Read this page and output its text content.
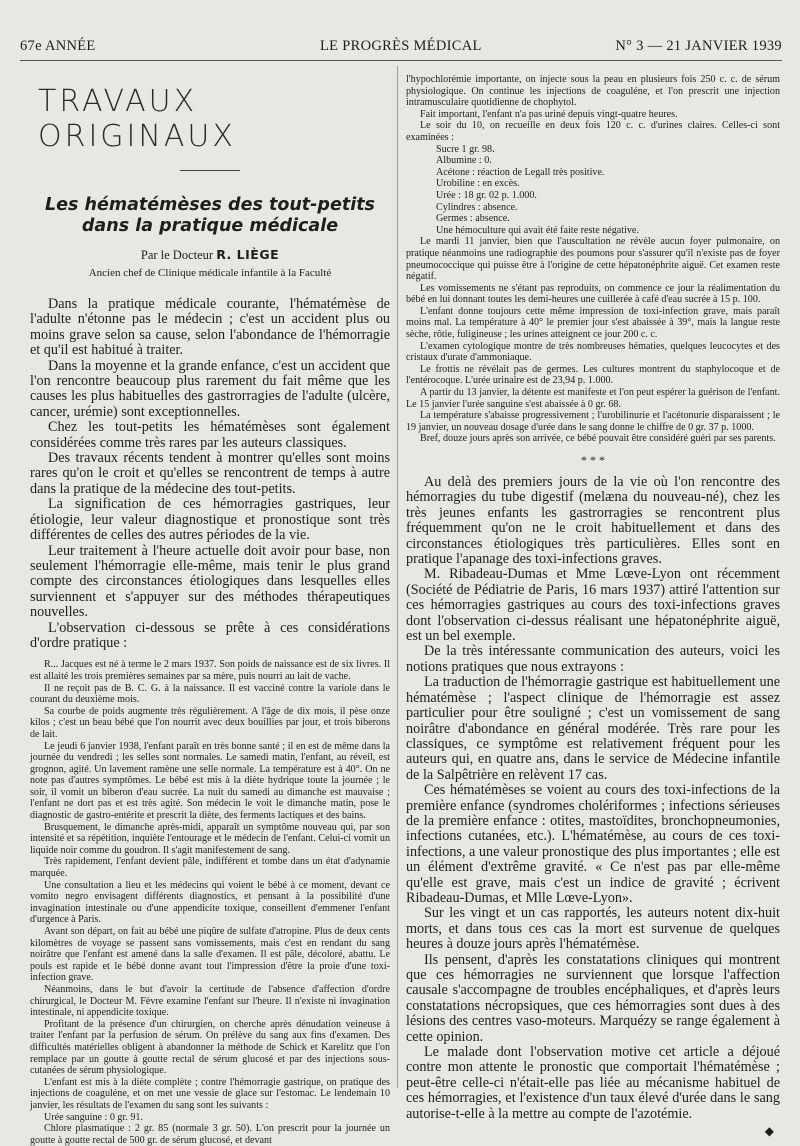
67e ANNÉE	LE PROGRÈS MÉDICAL	N° 3 — 21 JANVIER 1939
TRAVAUX ORIGINAUX
Les hématémèses des tout-petits
dans la pratique médicale
Par le Docteur R. LIÈGE
Ancien chef de Clinique médicale infantile à la Faculté

Dans la pratique médicale courante, l'hématémèse de l'adulte n'étonne pas le médecin ; c'est un accident plus ou moins grave selon sa cause, selon l'abondance de l'hémorragie et qu'il est habitué à traiter.

Dans la moyenne et la grande enfance, c'est un accident que l'on rencontre beaucoup plus rarement du fait même que les causes les plus habituelles des gastrorragies de l'adulte (ulcère, cancer, urémie) sont exceptionnelles.

Chez les tout-petits les hématémèses sont également considérées comme très rares par les auteurs classiques.

Des travaux récents tendent à montrer qu'elles sont moins rares qu'on le croit et qu'elles se rencontrent de temps à autre dans la pratique de la médecine des tout-petits.

La signification de ces hémorragies gastriques, leur étiologie, leur valeur diagnostique et pronostique sont très différentes de celles des autres périodes de la vie.

Leur traitement à l'heure actuelle doit avoir pour base, non seulement l'hémorragie elle-même, mais tenir le plus grand compte des circonstances étiologiques dans lesquelles elles surviennent et s'appuyer sur des méthodes thérapeutiques nouvelles.

L'observation ci-dessous se prête à ces considérations d'ordre pratique :

R... Jacques est né à terme le 2 mars 1937. Son poids de naissance est de six livres. Il est allaité les trois premières semaines par sa mère, puis nourri au lait de vache.

Il ne reçoit pas de B. C. G. à la naissance. Il est vacciné contre la variole dans le courant du deuxième mois.

Sa courbe de poids augmente très régulièrement. A l'âge de dix mois, il pèse onze kilos ; c'est un beau bébé que l'on nourrit avec deux bouillies par jour, et trois biberons de lait.

Le jeudi 6 janvier 1938, l'enfant paraît en très bonne santé ; il en est de même dans la journée du vendredi ; les selles sont normales. Le samedi matin, l'enfant, au réveil, est grognon, agité. Un lavement ramène une selle normale. La température est à 40°. On ne note pas d'autres symptômes. Le bébé est mis à la diète hydrique toute la journée ; le soir, il vomit un biberon d'eau sucrée. La nuit du samedi au dimanche est mauvaise ; l'enfant ne dort pas et est très agité. Son médecin le voit le dimanche matin, pose le diagnostic de gastro-entérite et prescrit la diète, des ferments lactiques et des bains.

Brusquement, le dimanche après-midi, apparaît un symptôme nouveau qui, par son intensité et sa répétition, inquiète l'entourage et le médecin de l'enfant. Celui-ci vomit un liquide noir comme du goudron. Il s'agit manifestement de sang.

Très rapidement, l'enfant devient pâle, indifférent et tombe dans un état d'adynamie marquée.

Une consultation a lieu et les médecins qui voient le bébé à ce moment, devant ce vomito negro envisagent différents diagnostics, et pensant à la possibilité d'une invagination intestinale ou d'une appendicite toxique, conseillent d'emmener l'enfant d'urgence à Paris.

Avant son départ, on fait au bébé une piqûre de sulfate d'atropine. Plus de deux cents kilomètres de voyage se passent sans vomissements, mais c'est en rendant du sang noirâtre que l'enfant est amené dans la salle d'examen. Il est pâle, décoloré, abattu. Le pouls est rapide et le bébé donne avant tout l'impression d'être la proie d'une toxi-infection grave.

Néanmoins, dans le but d'avoir la certitude de l'absence d'affection d'ordre chirurgical, le Docteur M. Fèvre examine l'enfant sur l'heure. Il n'existe ni invagination intestinale, ni appendicite toxique.

Profitant de la présence d'un chirurgien, on cherche après dénudation veineuse à traiter l'enfant par la perfusion de sérum. On prélève du sang aux fins d'examen. Des difficultés matérielles obligent à abandonner la méthode de Schick et Karelitz que l'on remplace par un goutte à goutte rectal de sérum glucosé et par des injections sous-cutanées de sérum physiologique.

L'enfant est mis à la diète complète ; contre l'hémorragie gastrique, on pratique des injections de coaguléne, et on met une vessie de glace sur l'estomac. Le lendemain 10 janvier, les résultats de l'examen du sang sont les suivants :

Urée sanguine : 0 gr. 91.

Chlore plasmatique : 2 gr. 85 (normale 3 gr. 50). L'on prescrit pour la journée un goutte à goutte rectal de 500 gr. de sérum glucosé, et devant

l'hypochlorémie importante, on injecte sous la peau en plusieurs fois 250 c. c. de sérum physiologique. On continue les injections de coaguléne, et l'on prescrit une injection intramusculaire quotidienne de chophytol.

Fait important, l'enfant n'a pas uriné depuis vingt-quatre heures.

Le soir du 10, on recueille en deux fois 120 c. c. d'urines claires. Celles-ci sont examinées :

Sucre 1 gr. 98.
Albumine : 0.
Acétone : réaction de Legall très positive.
Urobiline : en excès.
Urée : 18 gr. 02 p. 1.000.
Cylindres : absence.
Germes : absence.
Une hémoculture qui avait été faite reste négative.

Le mardi 11 janvier, bien que l'auscultation ne révèle aucun foyer pulmonaire, on pratique néanmoins une radiographie des poumons pour s'assurer qu'il n'existe pas de foyer pneumococcique qui puisse être à l'origine de cette hépatonéphrite aiguë. Cet examen reste négatif.

Les vomissements ne s'étant pas reproduits, on commence ce jour la réalimentation du bébé en lui donnant toutes les demi-heures une cuillerée à café d'eau sucrée à 15 p. 100.

L'enfant donne toujours cette même impression de toxi-infection grave, mais paraît moins mal. La température à 40° le premier jour s'est abaissée à 39°, mais la langue reste sèche, rôtie, fuligineuse ; les urines atteignent ce jour 200 c. c.

L'examen cytologique montre de très nombreuses hématies, quelques leucocytes et des cristaux d'urate d'ammoniaque.

Le frottis ne révélait pas de germes. Les cultures montrent du staphylocoque et de l'entérocoque. L'urée urinaire est de 23,94 p. 1.000.

A partir du 13 janvier, la détente est manifeste et l'on peut espérer la guérison de l'enfant. Le 15 janvier l'urée sanguine s'est abaissée à 0 gr. 68.

La température s'abaisse progressivement ; l'urobilinurie et l'acétonurie disparaissent ; le 19 janvier, un nouveau dosage d'urée dans le sang donne le chiffre de 0 gr. 37 p. 1000.

Bref, douze jours après son arrivée, ce bébé pouvait être considéré guéri par ses parents.

* * *

Au delà des premiers jours de la vie où l'on rencontre des hémorragies du tube digestif (melæna du nouveau-né), chez les très jeunes enfants les gastrorragies se rencontrent plus fréquemment qu'on ne le croit habituellement et dans des circonstances étiologiques très particulières. Elles sont en pratique l'apanage des toxi-infections graves.

M. Ribadeau-Dumas et Mme Lœve-Lyon ont récemment (Société de Pédiatrie de Paris, 16 mars 1937) attiré l'attention sur ces hémorragies gastriques au cours des toxi-infections graves dont l'observation ci-dessus réalisant une hépatonéphrite aiguë, est un bel exemple.

De la très intéressante communication des auteurs, voici les notions pratiques que nous extrayons :

La traduction de l'hémorragie gastrique est habituellement une hématémèse ; l'aspect clinique de l'hémorragie est assez particulier pour être souligné ; c'est un vomissement de sang noirâtre d'abondance en général modérée. Très rare pour les classiques, ce symptôme est relativement fréquent pour les auteurs qui, en quatre ans, dans le service de Médecine infantile de la Salpêtrière en relèvent 17 cas.

Ces hématémèses se voient au cours des toxi-infections de la première enfance (syndromes cholériformes ; infections sérieuses de la première enfance : otites, mastoïdites, bronchopneumonies, infections cutanées, etc.). L'hématémèse, au cours de ces toxi-infections, a une valeur pronostique des plus importantes ; elle est un élément d'extrême gravité. « Ce n'est pas par elle-même qu'elle est grave, mais c'est un indice de gravité ; écrivent Ribadeau-Dumas, et Mlle Lœve-Lyon».

Sur les vingt et un cas rapportés, les auteurs notent dix-huit morts, et dans tous ces cas la mort est survenue de quelques heures à douze jours après l'hématémèse.

Ils pensent, d'après les constatations cliniques qui montrent que ces hémorragies ne surviennent que lorsque l'affection causale s'accompagne de troubles encéphaliques, et d'après leurs constatations nécropsiques, que ces hémorragies sont dues à des lésions des centres vaso-moteurs. Marquézy se range également à cette opinion.

Le malade dont l'observation motive cet article a déjoué contre mon attente le pronostic que comportait l'hématémèse ; peut-être celle-ci n'était-elle pas liée au mécanisme habituel de ces hémorragies, et l'existence d'un taux élevé d'urée dans le sang autorise-t-elle à la mettre au compte de l'azotémie.

◆
